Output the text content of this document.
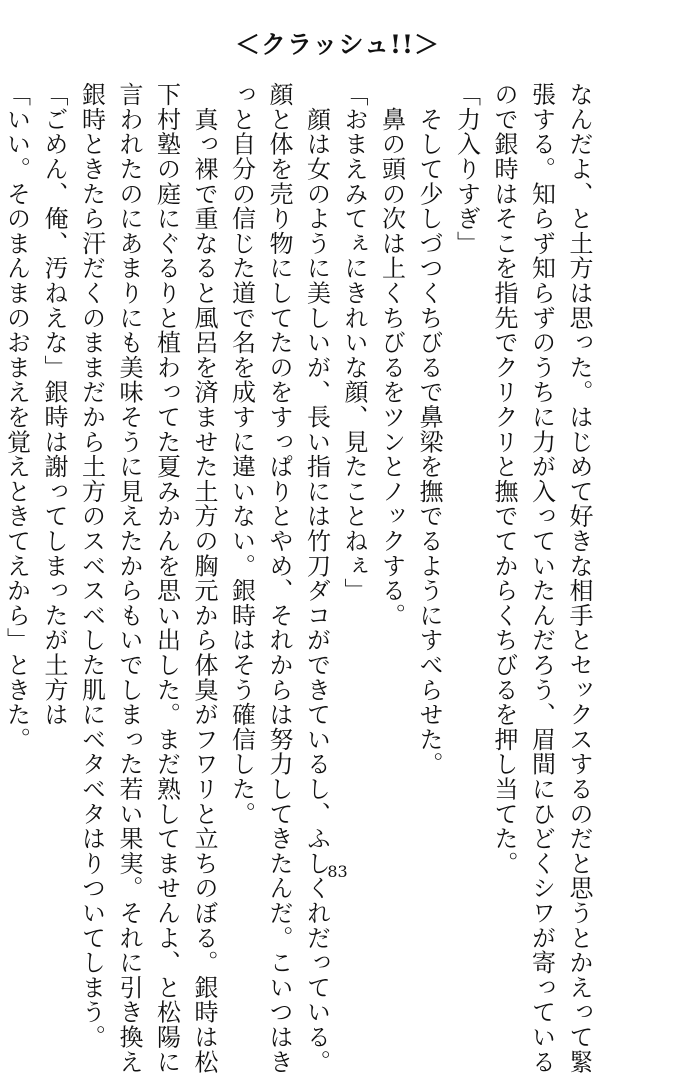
＜クラッシュ!!＞
なんだよ、と土方は思った。はじめて好きな相手とセックスするのだと思うとかえって緊
張する。知らず知らずのうちに力が入っていたんだろう、眉間にひどくシワが寄っている
ので銀時はそこを指先でクリクリと撫でてからくちびるを押し当てた。
「力入りすぎ」
　そして少しづつくちびるで鼻梁を撫でるようにすべらせた。
　鼻の頭の次は上くちびるをツンとノックする。
「おまえみてぇにきれいな顔、見たことねぇ」
　顔は女のように美しいが、長い指には竹刀ダコができているし、ふしくれだっている。
顔と体を売り物にしてたのをすっぱりとやめ、それからは努力してきたんだ。こいつはき
っと自分の信じた道で名を成すに違いない。銀時はそう確信した。
　真っ裸で重なると風呂を済ませた土方の胸元から体臭がフワリと立ちのぼる。銀時は松
下村塾の庭にぐるりと植わってた夏みかんを思い出した。まだ熟してませんよ、と松陽に
言われたのにあまりにも美味そうに見えたからもいでしまった若い果実。それに引き換え
銀時ときたら汗だくのままだから土方のスベスベした肌にベタベタはりついてしまう。
「ごめん、俺、汚ねえな」銀時は謝ってしまったが土方は
「いい。そのまんまのおまえを覚えときてえから」ときた。
83
